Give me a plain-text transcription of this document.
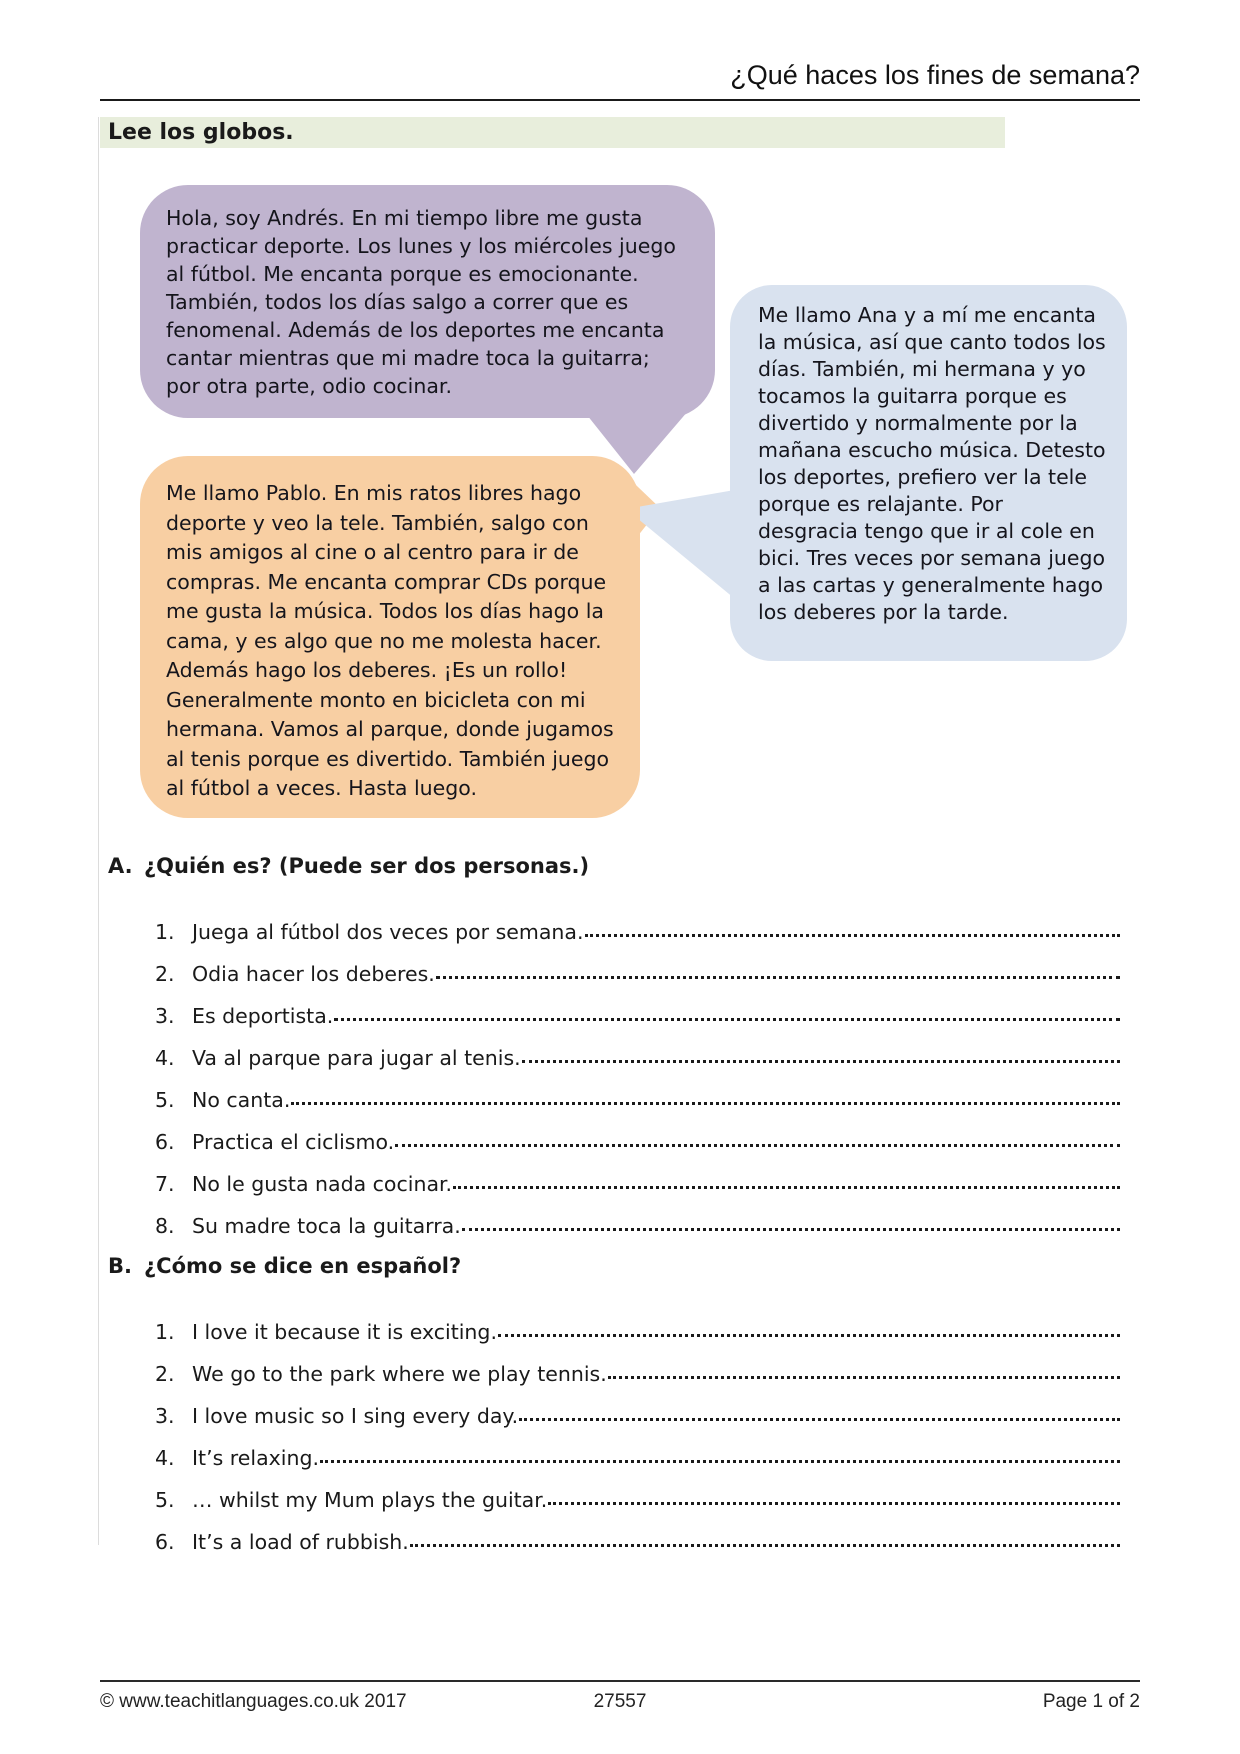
¿Qué haces los fines de semana?
Lee los globos.
Hola, soy Andrés. En mi tiempo libre me gusta practicar deporte. Los lunes y los miércoles juego al fútbol. Me encanta porque es emocionante. También, todos los días salgo a correr que es fenomenal. Además de los deportes me encanta cantar mientras que mi madre toca la guitarra; por otra parte, odio cocinar.
Me llamo Pablo. En mis ratos libres hago deporte y veo la tele. También, salgo con mis amigos al cine o al centro para ir de compras. Me encanta comprar CDs porque me gusta la música. Todos los días hago la cama, y es algo que no me molesta hacer. Además hago los deberes. ¡Es un rollo! Generalmente monto en bicicleta con mi hermana. Vamos al parque, donde jugamos al tenis porque es divertido. También juego al fútbol a veces. Hasta luego.
Me llamo Ana y a mí me encanta la música, así que canto todos los días. También, mi hermana y yo tocamos la guitarra porque es divertido y normalmente por la mañana escucho música. Detesto los deportes, prefiero ver la tele porque es relajante. Por desgracia tengo que ir al cole en bici. Tres veces por semana juego a las cartas y generalmente hago los deberes por la tarde.
A. ¿Quién es? (Puede ser dos personas.)
1. Juega al fútbol dos veces por semana.
2. Odia hacer los deberes.
3. Es deportista.
4. Va al parque para jugar al tenis.
5. No canta.
6. Practica el ciclismo.
7. No le gusta nada cocinar.
8. Su madre toca la guitarra.
B. ¿Cómo se dice en español?
1. I love it because it is exciting.
2. We go to the park where we play tennis.
3. I love music so I sing every day.
4. It’s relaxing.
5. … whilst my Mum plays the guitar.
6. It’s a load of rubbish.
© www.teachitlanguages.co.uk 2017	27557	Page 1 of 2
